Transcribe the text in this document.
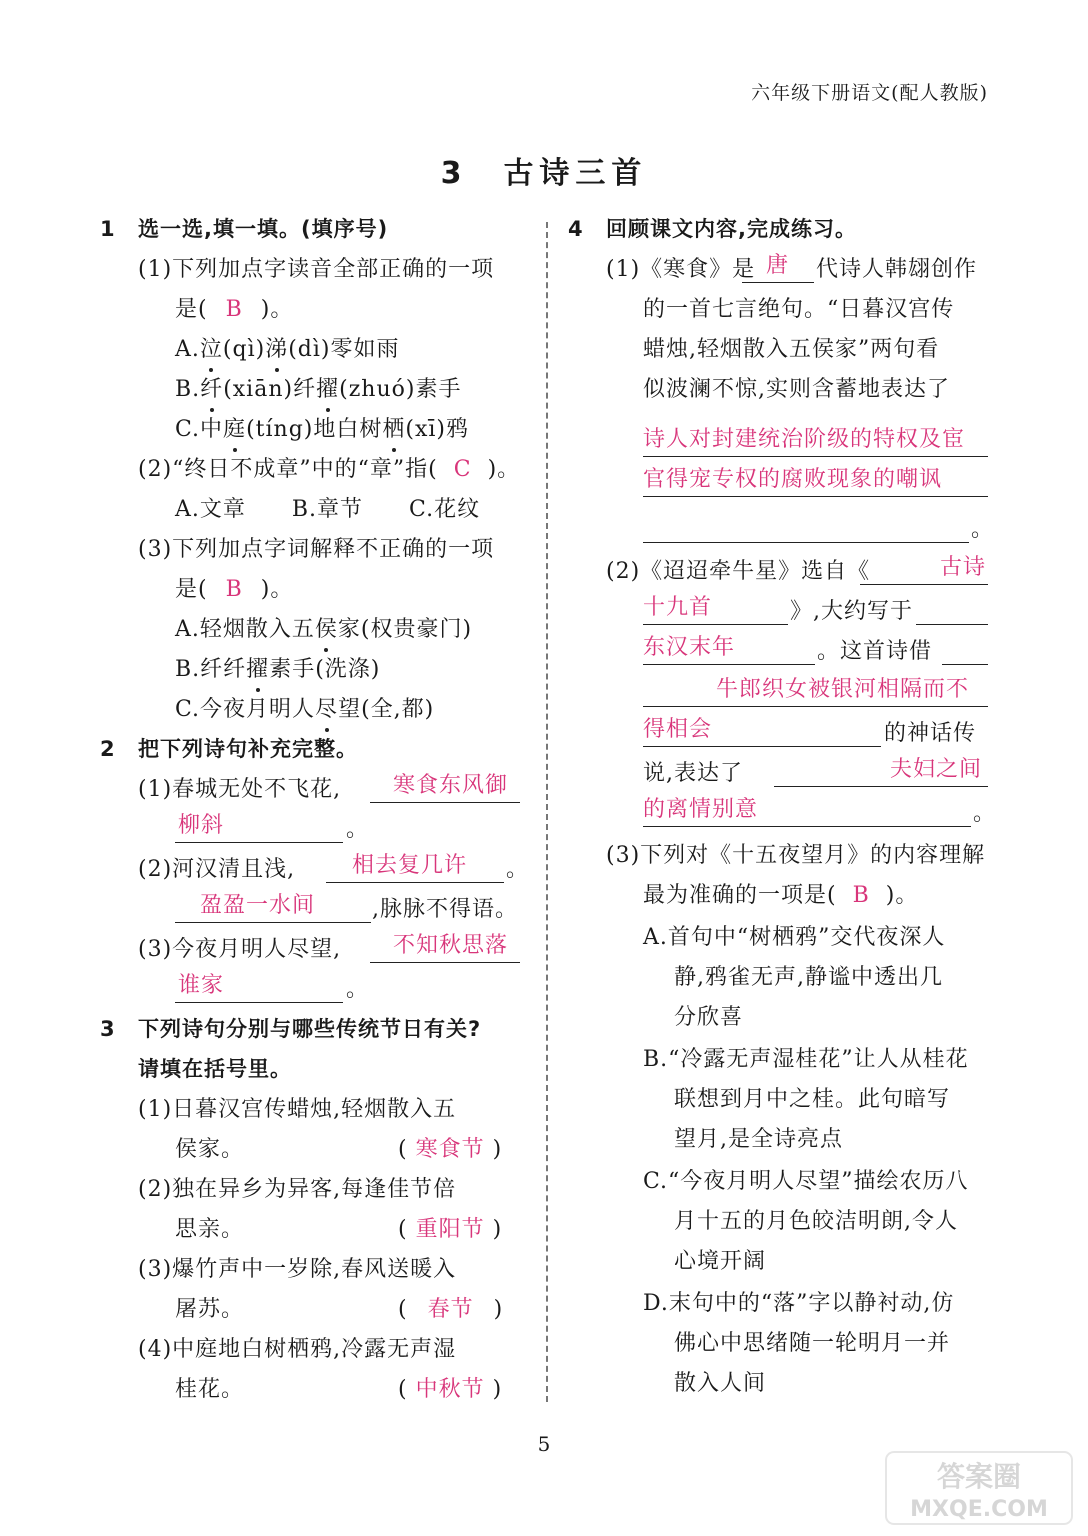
六年级下册语文(配人教版)
3　 古诗三首
1 选一选,填一填。(填序号)
(1)下列加点字读音全部正确的一项
是( B )。
A.泣(qì)涕(dì)零如雨
B.纤(xiān)纤擢(zhuó)素手
C.中庭(tíng)地白树栖(xī)鸦
(2)“终日不成章”中的“章”指( C )。
A.文章　　B.章节　　C.花纹
(3)下列加点字词解释不正确的一项
是( B )。
A.轻烟散入五侯家(权贵豪门)
B.纤纤擢素手(洗涤)
C.今夜月明人尽望(全,都)
2 把下列诗句补充完整。
(1)春城无处不飞花, 寒食东风御
柳斜	。
(2)河汉清且浅,	相去复几许 。
盈盈一水间	,脉脉不得语。
(3)今夜月明人尽望, 不知秋思落
谁家	。
3 下列诗句分别与哪些传统节日有关?
请填在括号里。
(1)日暮汉宫传蜡烛,轻烟散入五
侯家。	( 寒食节 )
(2)独在异乡为异客,每逢佳节倍
思亲。	( 重阳节 )
(3)爆竹声中一岁除,春风送暖入
屠苏。	( 春节 )
(4)中庭地白树栖鸦,冷露无声湿
桂花。	( 中秋节 )
4 回顾课文内容,完成练习。
(1)《寒食》是 唐 代诗人韩翃创作
的一首七言绝句。“日暮汉宫传
蜡烛,轻烟散入五侯家”两句看
似波澜不惊,实则含蓄地表达了
诗人对封建统治阶级的特权及宦
官得宠专权的腐败现象的嘲讽
。
(2)《迢迢牵牛星》选自《	古诗
十九首	》,大约写于
东汉末年	。这首诗借
牛郎织女被银河相隔而不
得相会	的神话传
说,表达了	夫妇之间
的离情别意	。
(3)下列对《十五夜望月》的内容理解
最为准确的一项是( B )。
A.首句中“树栖鸦”交代夜深人
静,鸦雀无声,静谧中透出几
分欣喜
B.“冷露无声湿桂花”让人从桂花
联想到月中之桂。此句暗写
望月,是全诗亮点
C.“今夜月明人尽望”描绘农历八
月十五的月色皎洁明朗,令人
心境开阔
D.末句中的“落”字以静衬动,仿
佛心中思绪随一轮明月一并
散入人间
5
答案圈
MXQE.COM
